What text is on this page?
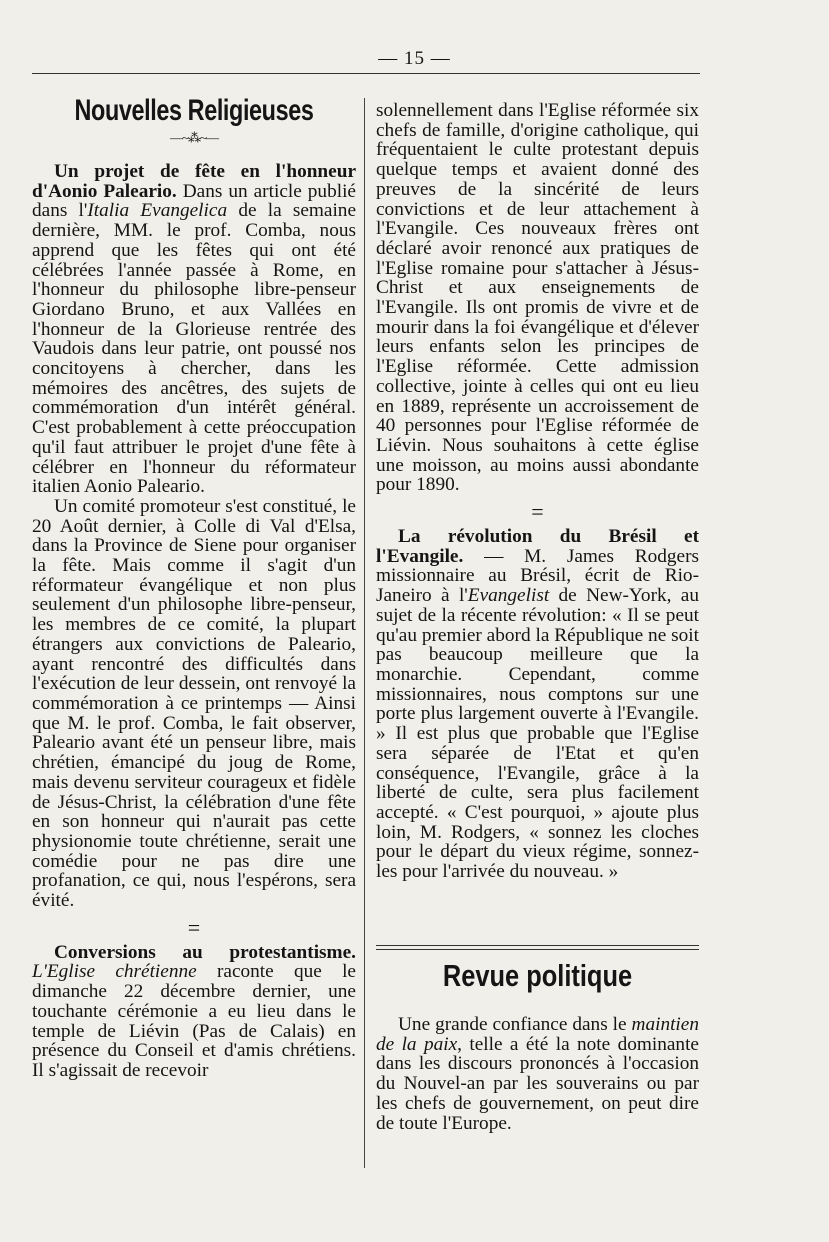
— 15 —
Nouvelles Religieuses
—~⁂~—

Un projet de fête en l'honneur d'Aonio Paleario. Dans un article publié dans l'Italia Evangelica de la semaine dernière, MM. le prof. Comba, nous apprend que les fêtes qui ont été célébrées l'année passée à Rome, en l'honneur du philosophe libre-penseur Giordano Bruno, et aux Vallées en l'honneur de la Glorieuse rentrée des Vaudois dans leur patrie, ont poussé nos concitoyens à chercher, dans les mémoires des ancêtres, des sujets de commémoration d'un intérêt général. C'est probablement à cette préoccupation qu'il faut attribuer le projet d'une fête à célébrer en l'honneur du réformateur italien Aonio Paleario.

Un comité promoteur s'est constitué, le 20 Août dernier, à Colle di Val d'Elsa, dans la Province de Siene pour organiser la fête. Mais comme il s'agit d'un réformateur évangélique et non plus seulement d'un philosophe libre-penseur, les membres de ce comité, la plupart étrangers aux convictions de Paleario, ayant rencontré des difficultés dans l'exécution de leur dessein, ont renvoyé la commémoration à ce printemps — Ainsi que M. le prof. Comba, le fait observer, Paleario avant été un penseur libre, mais chrétien, émancipé du joug de Rome, mais devenu serviteur courageux et fidèle de Jésus-Christ, la célébration d'une fête en son honneur qui n'aurait pas cette physionomie toute chrétienne, serait une comédie pour ne pas dire une profanation, ce qui, nous l'espérons, sera évité.

=

Conversions au protestantisme. L'Eglise chrétienne raconte que le dimanche 22 décembre dernier, une touchante cérémonie a eu lieu dans le temple de Liévin (Pas de Calais) en présence du Conseil et d'amis chrétiens. Il s'agissait de recevoir

solennellement dans l'Eglise réformée six chefs de famille, d'origine catholique, qui fréquentaient le culte protestant depuis quelque temps et avaient donné des preuves de la sincérité de leurs convictions et de leur attachement à l'Evangile. Ces nouveaux frères ont déclaré avoir renoncé aux pratiques de l'Eglise romaine pour s'attacher à Jésus-Christ et aux enseignements de l'Evangile. Ils ont promis de vivre et de mourir dans la foi évangélique et d'élever leurs enfants selon les principes de l'Eglise réformée. Cette admission collective, jointe à celles qui ont eu lieu en 1889, représente un accroissement de 40 personnes pour l'Eglise réformée de Liévin. Nous souhaitons à cette église une moisson, au moins aussi abondante pour 1890.

=

La révolution du Brésil et l'Evangile. — M. James Rodgers missionnaire au Brésil, écrit de Rio-Janeiro à l'Evangelist de New-York, au sujet de la récente révolution: « Il se peut qu'au premier abord la République ne soit pas beaucoup meilleure que la monarchie. Cependant, comme missionnaires, nous comptons sur une porte plus largement ouverte à l'Evangile. » Il est plus que probable que l'Eglise sera séparée de l'Etat et qu'en conséquence, l'Evangile, grâce à la liberté de culte, sera plus facilement accepté. « C'est pourquoi, » ajoute plus loin, M. Rodgers, « sonnez les cloches pour le départ du vieux régime, sonnez-les pour l'arrivée du nouveau. »

Revue politique

Une grande confiance dans le maintien de la paix, telle a été la note dominante dans les discours prononcés à l'occasion du Nouvel-an par les souverains ou par les chefs de gouvernement, on peut dire de toute l'Europe.
